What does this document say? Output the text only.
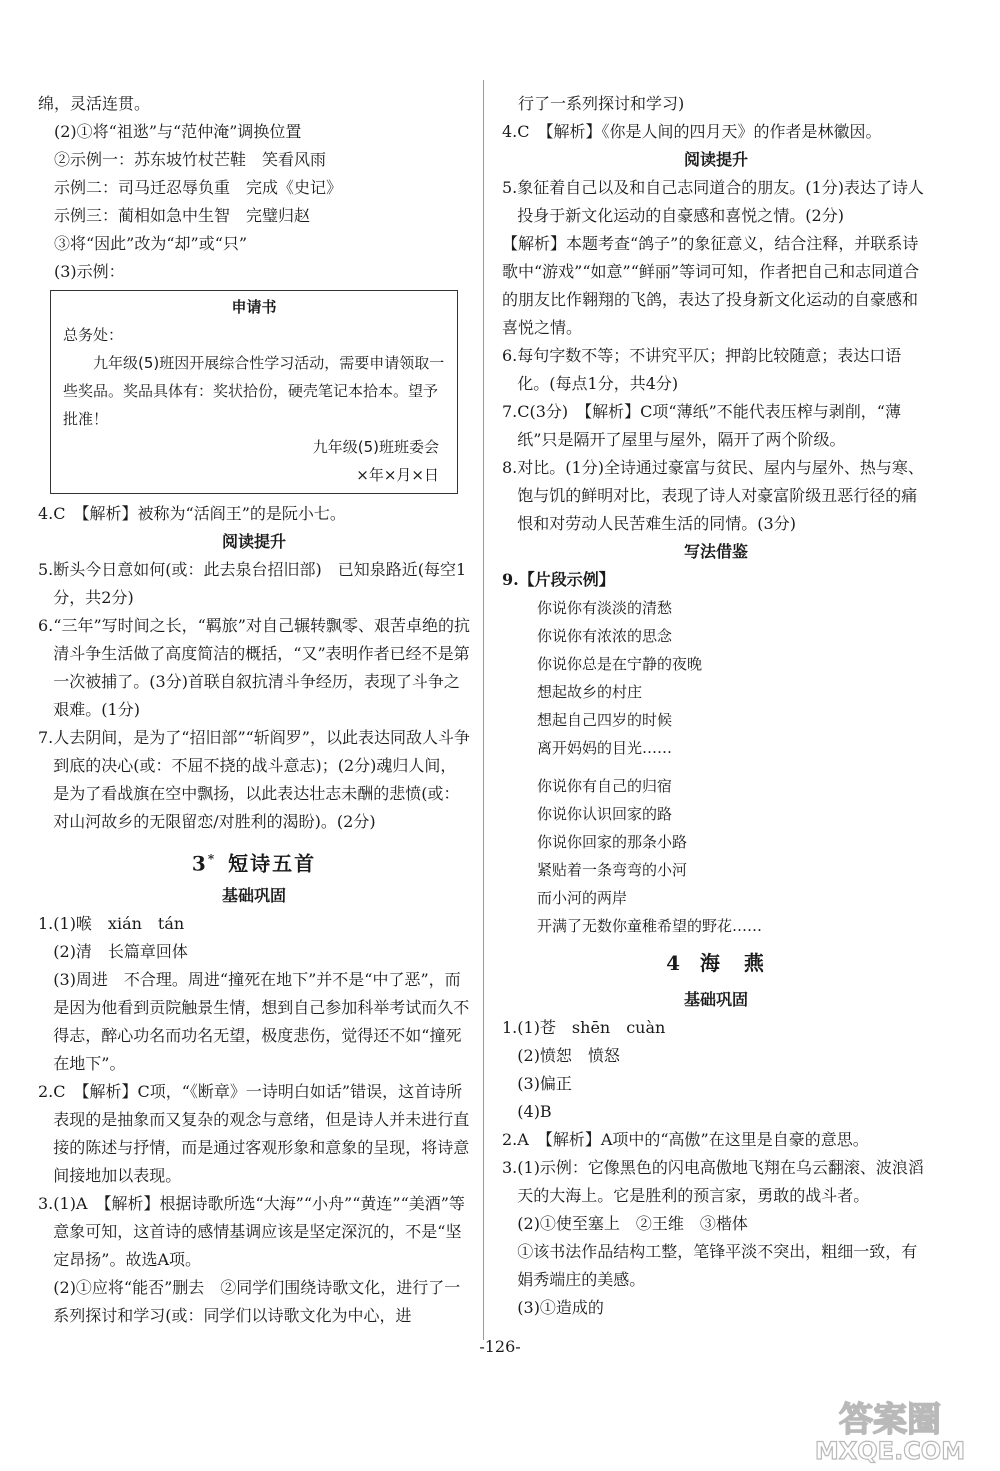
绵，灵活连贯。
(2)①将“祖逖”与“范仲淹”调换位置
②示例一：苏东坡竹杖芒鞋　笑看风雨
示例二：司马迁忍辱负重　完成《史记》
示例三：蔺相如急中生智　完璧归赵
③将“因此”改为“却”或“只”
(3)示例：
申请书
总务处：
九年级(5)班因开展综合性学习活动，需要申请领取一些奖品。奖品具体有：奖状拾份，硬壳笔记本拾本。望予批准！
九年级(5)班班委会
×年×月×日
4. C　【解析】被称为“活阎王”的是阮小七。
阅读提升
5. 断头今日意如何(或：此去泉台招旧部)　已知泉路近(每空1分，共2分)
6. “三年”写时间之长，“羁旅”对自己辗转飘零、艰苦卓绝的抗清斗争生活做了高度简洁的概括，“又”表明作者已经不是第一次被捕了。(3分)首联自叙抗清斗争经历，表现了斗争之艰难。(1分)
7. 人去阴间，是为了“招旧部”“斩阎罗”，以此表达同敌人斗争到底的决心(或：不屈不挠的战斗意志)；(2分)魂归人间，是为了看战旗在空中飘扬，以此表达壮志未酬的悲愤(或：对山河故乡的无限留恋/对胜利的渴盼)。(2分)
3* 短诗五首
基础巩固
1. (1)喉　xián　tán
(2)清　长篇章回体
(3)周进　不合理。周进“撞死在地下”并不是“中了恶”，而是因为他看到贡院触景生情，想到自己参加科举考试而久不得志，醉心功名而功名无望，极度悲伤，觉得还不如“撞死在地下”。
2. C　【解析】C项，“《断章》一诗明白如话”错误，这首诗所表现的是抽象而又复杂的观念与意绪，但是诗人并未进行直接的陈述与抒情，而是通过客观形象和意象的呈现，将诗意间接地加以表现。
3. (1)A　【解析】根据诗歌所选“大海”“小舟”“黄连”“美酒”等意象可知，这首诗的感情基调应该是坚定深沉的，不是“坚定昂扬”。故选A项。
(2)①应将“能否”删去　②同学们围绕诗歌文化，进行了一系列探讨和学习(或：同学们以诗歌文化为中心，进
行了一系列探讨和学习)
4. C　【解析】《你是人间的四月天》的作者是林徽因。
阅读提升
5. 象征着自己以及和自己志同道合的朋友。(1分)表达了诗人投身于新文化运动的自豪感和喜悦之情。(2分)
【解析】本题考查“鸽子”的象征意义，结合注释，并联系诗歌中“游戏”“如意”“鲜丽”等词可知，作者把自己和志同道合的朋友比作翱翔的飞鸽，表达了投身新文化运动的自豪感和喜悦之情。
6. 每句字数不等；不讲究平仄；押韵比较随意；表达口语化。(每点1分，共4分)
7. C(3分)　【解析】C项“薄纸”不能代表压榨与剥削，“薄纸”只是隔开了屋里与屋外，隔开了两个阶级。
8. 对比。(1分)全诗通过豪富与贫民、屋内与屋外、热与寒、饱与饥的鲜明对比，表现了诗人对豪富阶级丑恶行径的痛恨和对劳动人民苦难生活的同情。(3分)
写法借鉴
9.【片段示例】
你说你有淡淡的清愁
你说你有浓浓的思念
你说你总是在宁静的夜晚
想起故乡的村庄
想起自己四岁的时候
离开妈妈的目光……
你说你有自己的归宿
你说你认识回家的路
你说你回家的那条小路
紧贴着一条弯弯的小河
而小河的两岸
开满了无数你童稚希望的野花……
4 海　燕
基础巩固
1. (1)苍　shēn　cuàn
(2)愤恕　愤怒
(3)偏正
(4)B
2. A　【解析】A项中的“高傲”在这里是自豪的意思。
3. (1)示例：它像黑色的闪电高傲地飞翔在乌云翻滚、波浪滔天的大海上。它是胜利的预言家，勇敢的战斗者。
(2)①使至塞上　②王维　③楷体
①该书法作品结构工整，笔锋平淡不突出，粗细一致，有娟秀端庄的美感。
(3)①造成的
-126-
答案圈
MXQE.COM
